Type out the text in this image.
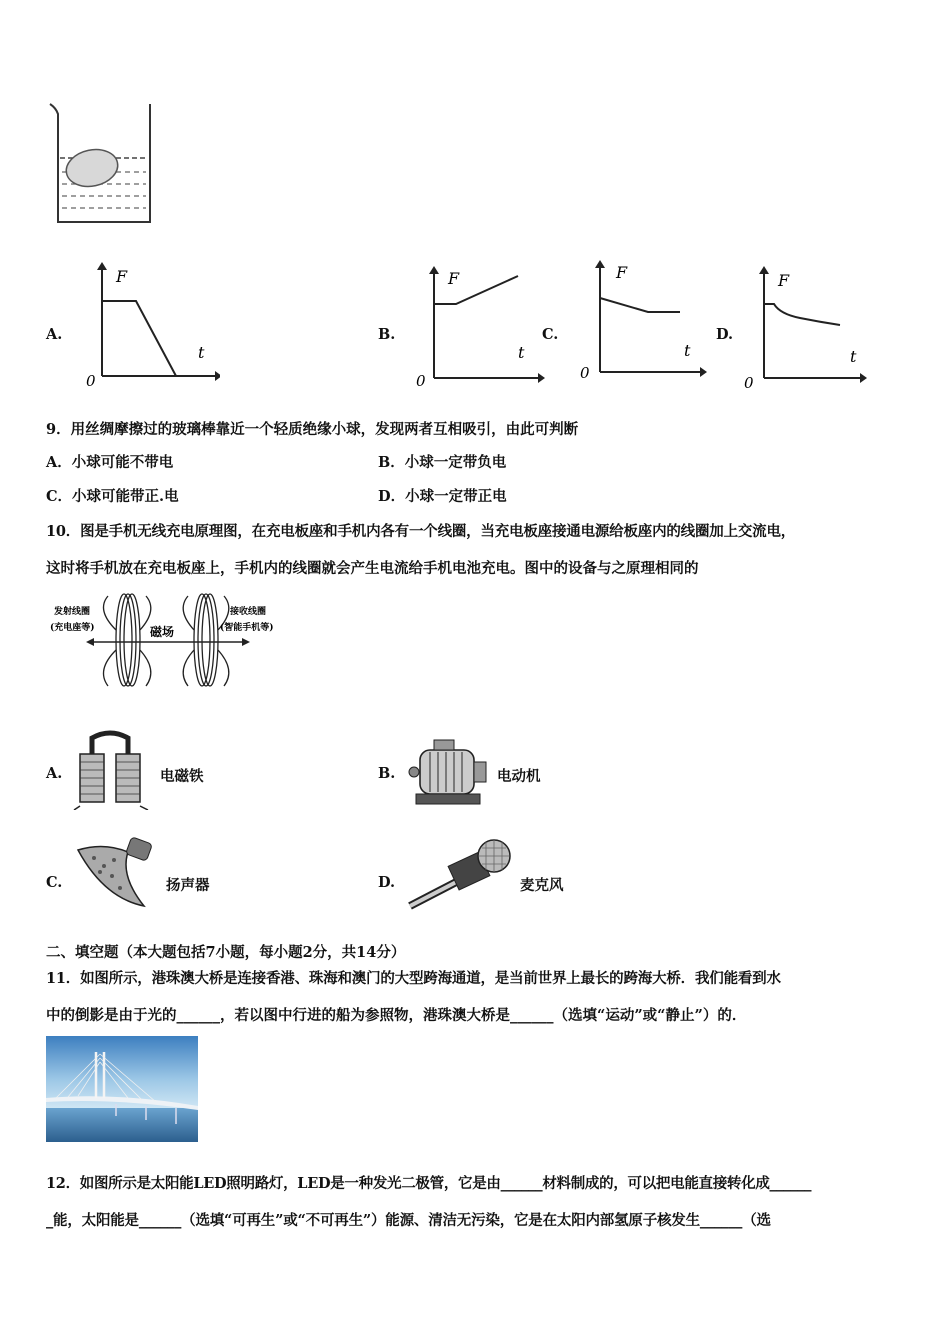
A.
F
t
0
B.
F
t
0
C.
F
t
0
D.
F
t
0
9．用丝绸摩擦过的玻璃棒靠近一个轻质绝缘小球，发现两者互相吸引，由此可判断
A．小球可能不带电	B．小球一定带负电
C．小球可能带正.电	D．小球一定带正电
10．图是手机无线充电原理图，在充电板座和手机内各有一个线圈，当充电板座接通电源给板座内的线圈加上交流电，
这时将手机放在充电板座上，手机内的线圈就会产生电流给手机电池充电。图中的设备与之原理相同的
发射线圈
(充电座等)	磁场
接收线圈
(智能手机等)
A.	电磁铁	B.	电动机
C.	扬声器	D.	麦克风
二、填空题（本大题包括7小题，每小题2分，共14分）
11．如图所示，港珠澳大桥是连接香港、珠海和澳门的大型跨海通道，是当前世界上最长的跨海大桥．我们能看到水
中的倒影是由于光的______，若以图中行进的船为参照物，港珠澳大桥是______（选填“运动”或“静止”）的．
12．如图所示是太阳能LED照明路灯，LED是一种发光二极管，它是由______材料制成的，可以把电能直接转化成______
_能，太阳能是______（选填“可再生”或“不可再生”）能源、清洁无污染，它是在太阳内部氢原子核发生______（选
